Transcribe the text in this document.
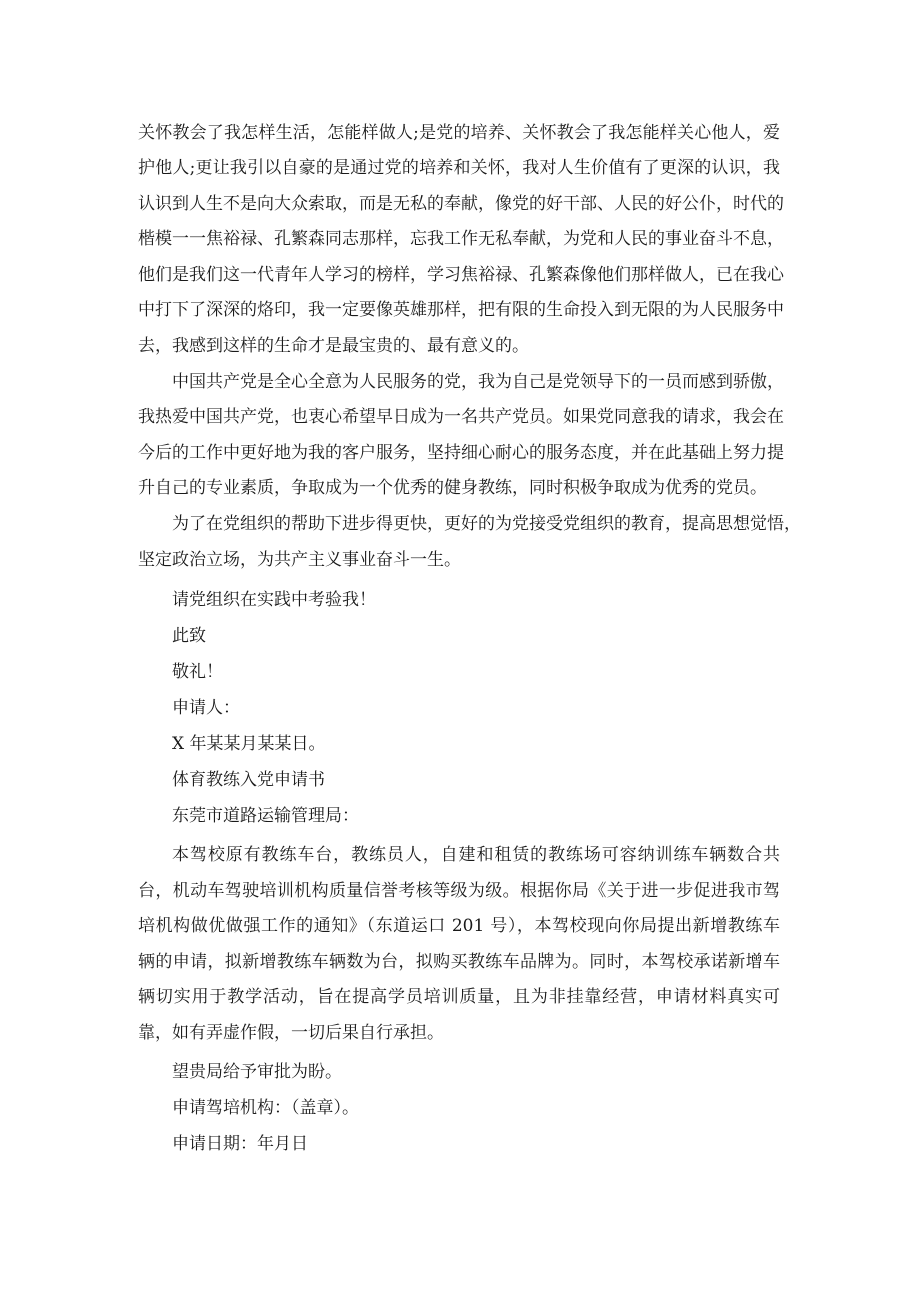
关怀教会了我怎样生活，怎能样做人;是党的培养、关怀教会了我怎能样关心他人，爱
护他人;更让我引以自豪的是通过党的培养和关怀，我对人生价值有了更深的认识，我
认识到人生不是向大众索取，而是无私的奉献，像党的好干部、人民的好公仆，时代的
楷模一一焦裕禄、孔繁森同志那样，忘我工作无私奉献，为党和人民的事业奋斗不息，
他们是我们这一代青年人学习的榜样，学习焦裕禄、孔繁森像他们那样做人，已在我心
中打下了深深的烙印，我一定要像英雄那样，把有限的生命投入到无限的为人民服务中
去，我感到这样的生命才是最宝贵的、最有意义的。
中国共产党是全心全意为人民服务的党，我为自己是党领导下的一员而感到骄傲，
我热爱中国共产党，也衷心希望早日成为一名共产党员。如果党同意我的请求，我会在
今后的工作中更好地为我的客户服务，坚持细心耐心的服务态度，并在此基础上努力提
升自己的专业素质，争取成为一个优秀的健身教练，同时积极争取成为优秀的党员。
为了在党组织的帮助下进步得更快，更好的为党接受党组织的教育，提高思想觉悟，
坚定政治立场，为共产主义事业奋斗一生。
请党组织在实践中考验我！
此致
敬礼！
申请人：
X 年某某月某某日。
体育教练入党申请书
东莞市道路运输管理局：
本驾校原有教练车台，教练员人，自建和租赁的教练场可容纳训练车辆数合共
台，机动车驾驶培训机构质量信誉考核等级为级。根据你局《关于进一步促进我市驾
培机构做优做强工作的通知》（东道运口 201 号），本驾校现向你局提出新增教练车
辆的申请，拟新增教练车辆数为台，拟购买教练车品牌为。同时，本驾校承诺新增车
辆切实用于教学活动，旨在提高学员培训质量，且为非挂靠经营，申请材料真实可
靠，如有弄虚作假，一切后果自行承担。
望贵局给予审批为盼。
申请驾培机构：（盖章）。
申请日期：年月日
